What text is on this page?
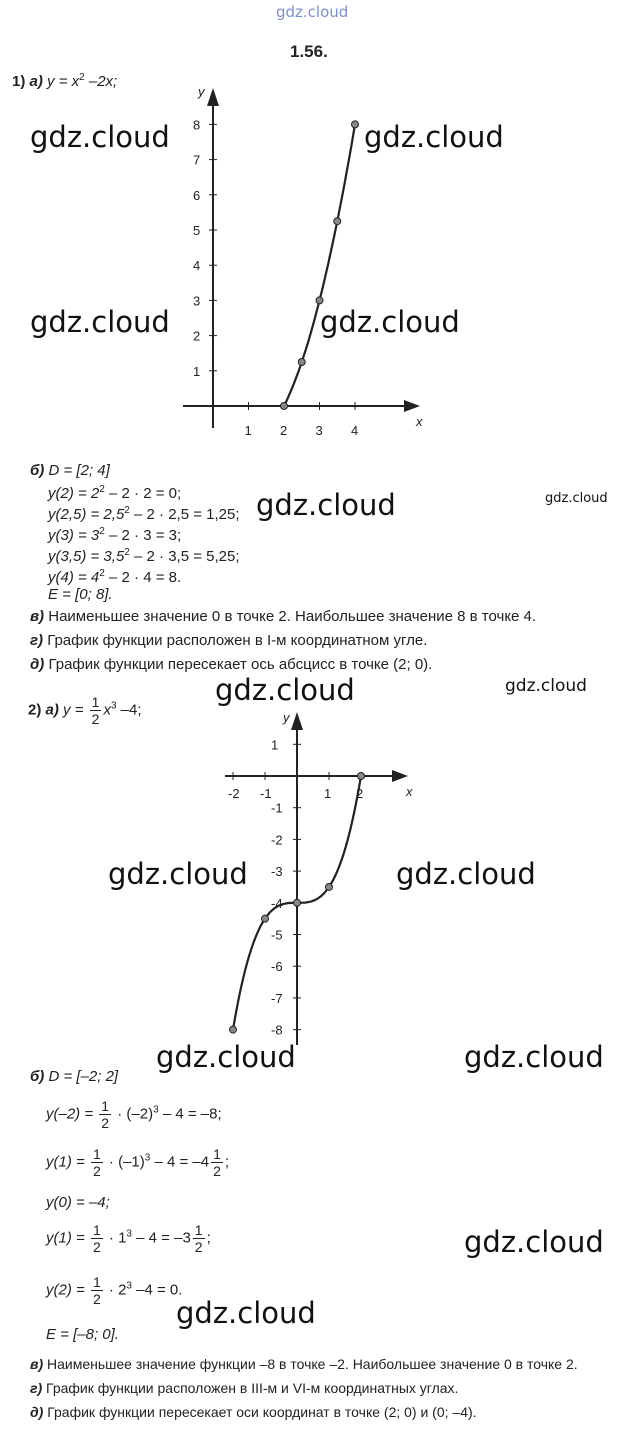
gdz.cloud
1.56.
1) а) $y = x^2$ –2x;
x
y
1 2 3 4
1
2
3
4
5
6
7
8
б) D = [2; 4]
$y(2) = 2^2 - 2 \cdot 2 = 0$;
$y(2,5) = 2,5^2 - 2 \cdot 2,5 = 1,25$;
$y(3) = 3^2 - 2 \cdot 3 = 3$;
$y(3,5) = 3,5^2 - 2 \cdot 3,5 = 5,25$;
$y(4) = 4^2 - 2 \cdot 4 = 8$.
E = [0; 8].
в) Наименьшее значение 0 в точке 2. Наибольшее значение 8 в точке 4.
г) График функции расположен в I-м координатном угле.
д) График функции пересекает ось абсцисс в точке (2; 0).
2) а) $y = \frac{1}{2} x^3$ –4;
x
y
-2 -1	1 2
1
-1
-2
-3
-4
-5
-6
-7
-8
б) D = [–2; 2]
$y(-2) = \frac{1}{2} \cdot (-2)^3 - 4 = -8$;
$y(1) = \frac{1}{2} \cdot (-1)^3 - 4 = -4 \frac{1}{2}$ ;
y(0) = –4;
$y(1) = \frac{1}{2} \cdot 1^3 - 4 = -3 \frac{1}{2}$ ;
$y(2) = \frac{1}{2} \cdot 2^3$ –4 = 0.
E = [–8; 0].
в) Наименьшее значение функции –8 в точке –2. Наибольшее значение 0 в точке 2.
г) График функции расположен в III-м и VI-м координатных углах.
д) График функции пересекает оси координат в точке (2; 0) и (0; –4).
gdz.cloud	gdz.cloud
gdz.cloud	gdz.cloud
gdz.cloud	gdz.cloud
gdz.cloud	gdz.cloud
gdz.cloud	gdz.cloud
gdz.cloud	gdz.cloud
gdz.cloud
gdz.cloud
